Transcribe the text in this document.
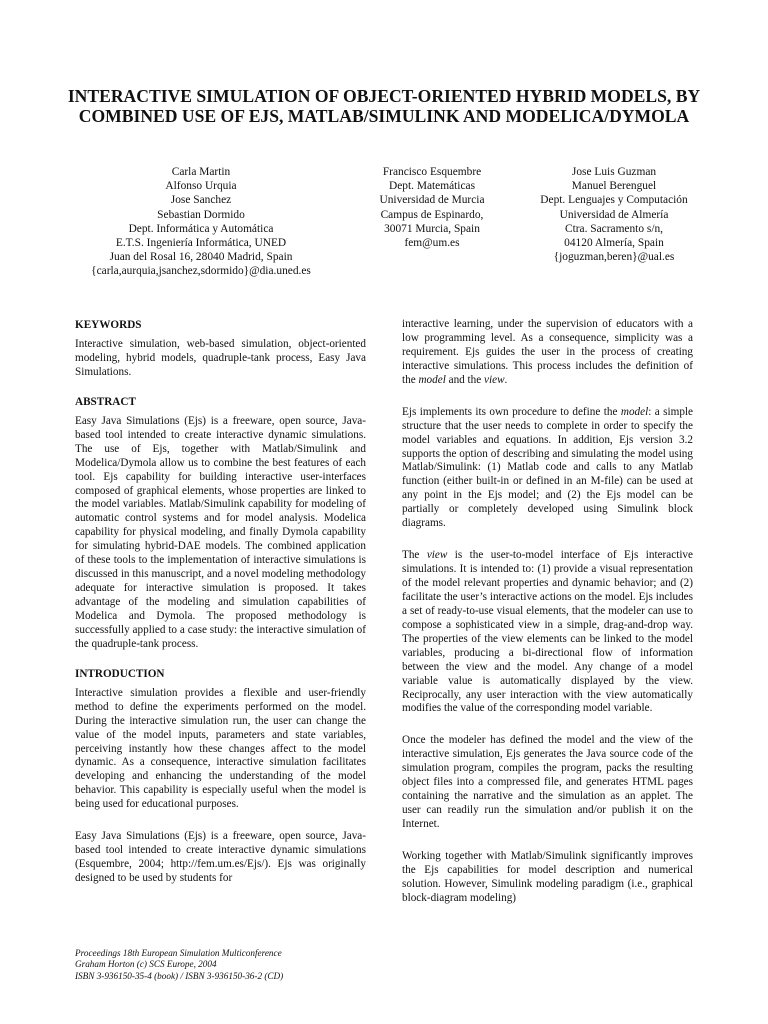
INTERACTIVE SIMULATION OF OBJECT-ORIENTED HYBRID MODELS, BY COMBINED USE OF EJS, MATLAB/SIMULINK AND MODELICA/DYMOLA
Carla Martin
Alfonso Urquia
Jose Sanchez
Sebastian Dormido
Dept. Informática y Automática
E.T.S. Ingeniería Informática, UNED
Juan del Rosal 16, 28040 Madrid, Spain
{carla,aurquia,jsanchez,sdormido}@dia.uned.es
Francisco Esquembre
Dept. Matemáticas
Universidad de Murcia
Campus de Espinardo,
30071 Murcia, Spain
fem@um.es
Jose Luis Guzman
Manuel Berenguel
Dept. Lenguajes y Computación
Universidad de Almería
Ctra. Sacramento s/n,
04120 Almería, Spain
{joguzman,beren}@ual.es
KEYWORDS

Interactive simulation, web-based simulation, object-oriented modeling, hybrid models, quadruple-tank process, Easy Java Simulations.

ABSTRACT

Easy Java Simulations (Ejs) is a freeware, open source, Java-based tool intended to create interactive dynamic simulations. The use of Ejs, together with Matlab/Simulink and Modelica/Dymola allow us to combine the best features of each tool. Ejs capability for building interactive user-interfaces composed of graphical elements, whose properties are linked to the model variables. Matlab/Simulink capability for modeling of automatic control systems and for model analysis. Modelica capability for physical modeling, and finally Dymola capability for simulating hybrid-DAE models. The combined application of these tools to the implementation of interactive simulations is discussed in this manuscript, and a novel modeling methodology adequate for interactive simulation is proposed. It takes advantage of the modeling and simulation capabilities of Modelica and Dymola. The proposed methodology is successfully applied to a case study: the interactive simulation of the quadruple-tank process.

INTRODUCTION

Interactive simulation provides a flexible and user-friendly method to define the experiments performed on the model. During the interactive simulation run, the user can change the value of the model inputs, parameters and state variables, perceiving instantly how these changes affect to the model dynamic. As a consequence, interactive simulation facilitates developing and enhancing the understanding of the model behavior. This capability is especially useful when the model is being used for educational purposes.

Easy Java Simulations (Ejs) is a freeware, open source, Java-based tool intended to create interactive dynamic simulations (Esquembre, 2004; http://fem.um.es/Ejs/). Ejs was originally designed to be used by students for

interactive learning, under the supervision of educators with a low programming level. As a consequence, simplicity was a requirement. Ejs guides the user in the process of creating interactive simulations. This process includes the definition of the model and the view.

Ejs implements its own procedure to define the model: a simple structure that the user needs to complete in order to specify the model variables and equations. In addition, Ejs version 3.2 supports the option of describing and simulating the model using Matlab/Simulink: (1) Matlab code and calls to any Matlab function (either built-in or defined in an M-file) can be used at any point in the Ejs model; and (2) the Ejs model can be partially or completely developed using Simulink block diagrams.

The view is the user-to-model interface of Ejs interactive simulations. It is intended to: (1) provide a visual representation of the model relevant properties and dynamic behavior; and (2) facilitate the user’s interactive actions on the model. Ejs includes a set of ready-to-use visual elements, that the modeler can use to compose a sophisticated view in a simple, drag-and-drop way. The properties of the view elements can be linked to the model variables, producing a bi-directional flow of information between the view and the model. Any change of a model variable value is automatically displayed by the view. Reciprocally, any user interaction with the view automatically modifies the value of the corresponding model variable.

Once the modeler has defined the model and the view of the interactive simulation, Ejs generates the Java source code of the simulation program, compiles the program, packs the resulting object files into a compressed file, and generates HTML pages containing the narrative and the simulation as an applet. The user can readily run the simulation and/or publish it on the Internet.

Working together with Matlab/Simulink significantly improves the Ejs capabilities for model description and numerical solution. However, Simulink modeling paradigm (i.e., graphical block-diagram modeling)

Proceedings 18th European Simulation Multiconference
Graham Horton (c) SCS Europe, 2004
ISBN 3-936150-35-4 (book) / ISBN 3-936150-36-2 (CD)
